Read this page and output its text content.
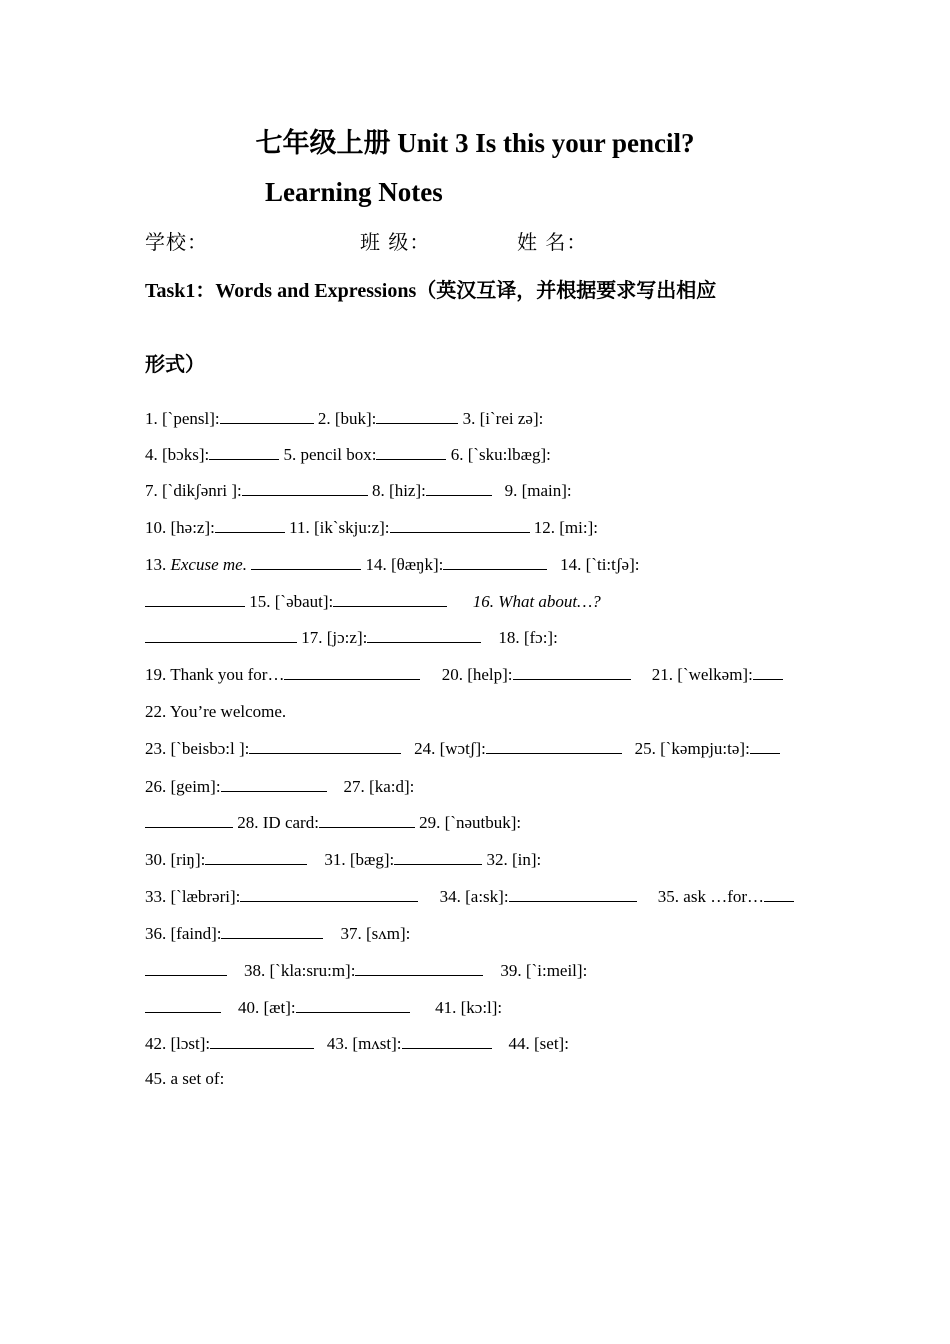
七年级上册 Unit 3 Is this your pencil?
Learning Notes
学校：	班 级：	姓 名：
Task1：Words and Expressions（英汉互译，并根据要求写出相应
形式）
1. [`pensl]:	2. [buk]:	3. [i`rei zə]:
4. [bɔks]:	5. pencil box:	6. [`sku:lbæg]:
7. [`dikʃənri ]:	8. [hiz]:	9. [main]:
10. [hə:z]:	11. [ik`skju:z]:	12. [mi:]:
13. Excuse me.	14. [θæŋk]:	14. [`ti:tʃə]:
15. [`əbaut]:	16. What about…?
17. [jɔ:z]:	18. [fɔ:]:
19. Thank you for…	20. [help]:	21. [`welkəm]:
22. You’re welcome.
23. [`beisbɔ:l ]:	24. [wɔtʃ]:	25. [`kəmpju:tə]:
26. [geim]:	27. [ka:d]:
28. ID card:	29. [`nəutbuk]:
30. [riŋ]:	31. [bæg]:	32. [in]:
33. [`læbrəri]:	34. [a:sk]:	35. ask …for…
36. [faind]:	37. [sʌm]:
38. [`kla:sru:m]:	39. [`i:meil]:
40. [æt]:	41. [kɔ:l]:
42. [lɔst]:	43. [mʌst]:	44. [set]:
45. a set of:
